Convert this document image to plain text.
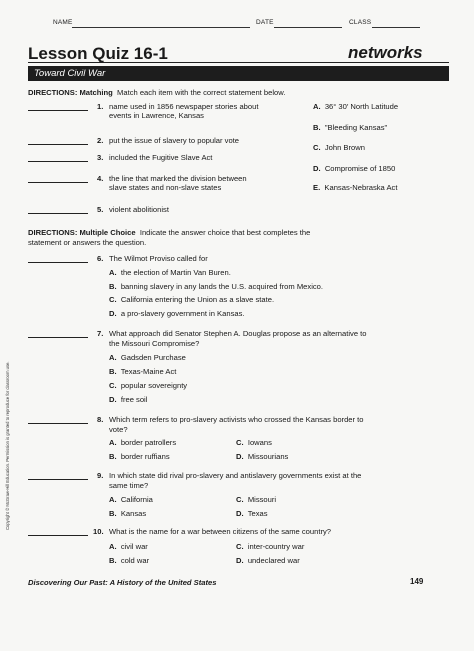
NAME	DATE	CLASS
Lesson Quiz 16-1	networks
Toward Civil War
DIRECTIONS: Matching Match each item with the correct statement below.
1. name used in 1856 newspaper stories about
events in Lawrence, Kansas
2. put the issue of slavery to popular vote
3. included the Fugitive Slave Act
4. the line that marked the division between
slave states and non-slave states
5. violent abolitionist
A. 36° 30′ North Latitude
B. "Bleeding Kansas"
C. John Brown
D. Compromise of 1850
E. Kansas-Nebraska Act
DIRECTIONS: Multiple Choice Indicate the answer choice that best completes the
statement or answers the question.
6. The Wilmot Proviso called for
A. the election of Martin Van Buren.
B. banning slavery in any lands the U.S. acquired from Mexico.
C. California entering the Union as a slave state.
D. a pro-slavery government in Kansas.
7. What approach did Senator Stephen A. Douglas propose as an alternative to
the Missouri Compromise?
A. Gadsden Purchase
B. Texas-Maine Act
C. popular sovereignty
D. free soil
8. Which term refers to pro-slavery activists who crossed the Kansas border to
vote?
A. border patrollers
B. border ruffians
C. Iowans
D. Missourians
9. In which state did rival pro-slavery and antislavery governments exist at the
same time?
A. California
B. Kansas
C. Missouri
D. Texas
10. What is the name for a war between citizens of the same country?
A. civil war
B. cold war
C. inter-country war
D. undeclared war
Copyright © McGraw-Hill Education. Permission is granted to reproduce for classroom use.
Discovering Our Past: A History of the United States	149
